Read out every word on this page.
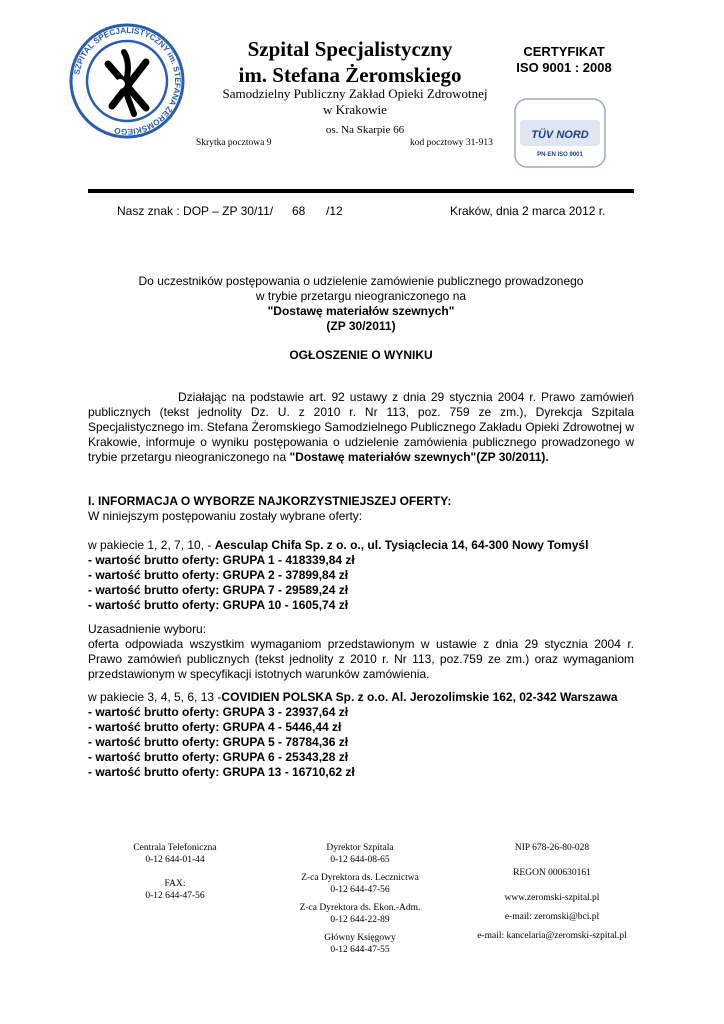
SZPITAL SPECJALISTYCZNY im. STEFANA ŻEROMSKIEGO
Szpital Specjalistyczny
im. Stefana Żeromskiego
Samodzielny Publiczny Zakład Opieki Zdrowotnej
w Krakowie
os. Na Skarpie 66
Skrytka pocztowa 9	kod pocztowy 31-913
CERTYFIKAT
ISO 9001 : 2008
TÜV NORD
PN-EN ISO 9001
Nasz znak : DOP – ZP 30/11/ 68 /12	Kraków, dnia 2 marca 2012 r.
Do uczestników postępowania o udzielenie zamówienie publicznego prowadzonego
w trybie przetargu nieograniczonego na
"Dostawę materiałów szewnych"
(ZP 30/2011)
OGŁOSZENIE O WYNIKU
Działając na podstawie art. 92 ustawy z dnia 29 stycznia 2004 r. Prawo zamówień
publicznych (tekst jednolity Dz. U. z 2010 r. Nr 113, poz. 759 ze zm.), Dyrekcja Szpitala
Specjalistycznego im. Stefana Żeromskiego Samodzielnego Publicznego Zakładu Opieki Zdrowotnej w
Krakowie, informuje o wyniku postępowania o udzielenie zamówienia publicznego prowadzonego w
trybie przetargu nieograniczonego na "Dostawę materiałów szewnych"(ZP 30/2011).
I. INFORMACJA O WYBORZE NAJKORZYSTNIEJSZEJ OFERTY:
W niniejszym postępowaniu zostały wybrane oferty:
w pakiecie 1, 2, 7, 10, - Aesculap Chifa Sp. z o. o., ul. Tysiąclecia 14, 64-300 Nowy Tomyśl
- wartość brutto oferty: GRUPA 1 - 418339,84 zł
- wartość brutto oferty: GRUPA 2 - 37899,84 zł
- wartość brutto oferty: GRUPA 7 - 29589,24 zł
- wartość brutto oferty: GRUPA 10 - 1605,74 zł
Uzasadnienie wyboru:
oferta odpowiada wszystkim wymaganiom przedstawionym w ustawie z dnia 29 stycznia 2004 r.
Prawo zamówień publicznych (tekst jednolity z 2010 r. Nr 113, poz.759 ze zm.) oraz wymaganiom
przedstawionym w specyfikacji istotnych warunków zamówienia.
w pakiecie 3, 4, 5, 6, 13 -COVIDIEN POLSKA Sp. z o.o. Al. Jerozolimskie 162, 02-342 Warszawa
- wartość brutto oferty: GRUPA 3 - 23937,64 zł
- wartość brutto oferty: GRUPA 4 - 5446,44 zł
- wartość brutto oferty: GRUPA 5 - 78784,36 zł
- wartość brutto oferty: GRUPA 6 - 25343,28 zł
- wartość brutto oferty: GRUPA 13 - 16710,62 zł
Centrala Telefoniczna
0-12 644-01-44
FAX:
0-12 644-47-56
Dyrektor Szpitala
0-12 644-08-65
Z-ca Dyrektora ds. Lecznictwa
0-12 644-47-56
Z-ca Dyrektora ds. Ekon.-Adm.
0-12 644-22-89
Główny Księgowy
0-12 644-47-55
NIP 678-26-80-028
REGON 000630161
www.zeromski-szpital.pl
e-mail: zeromski@bci.pl
e-mail: kancelaria@zeromski-szpital.pl
